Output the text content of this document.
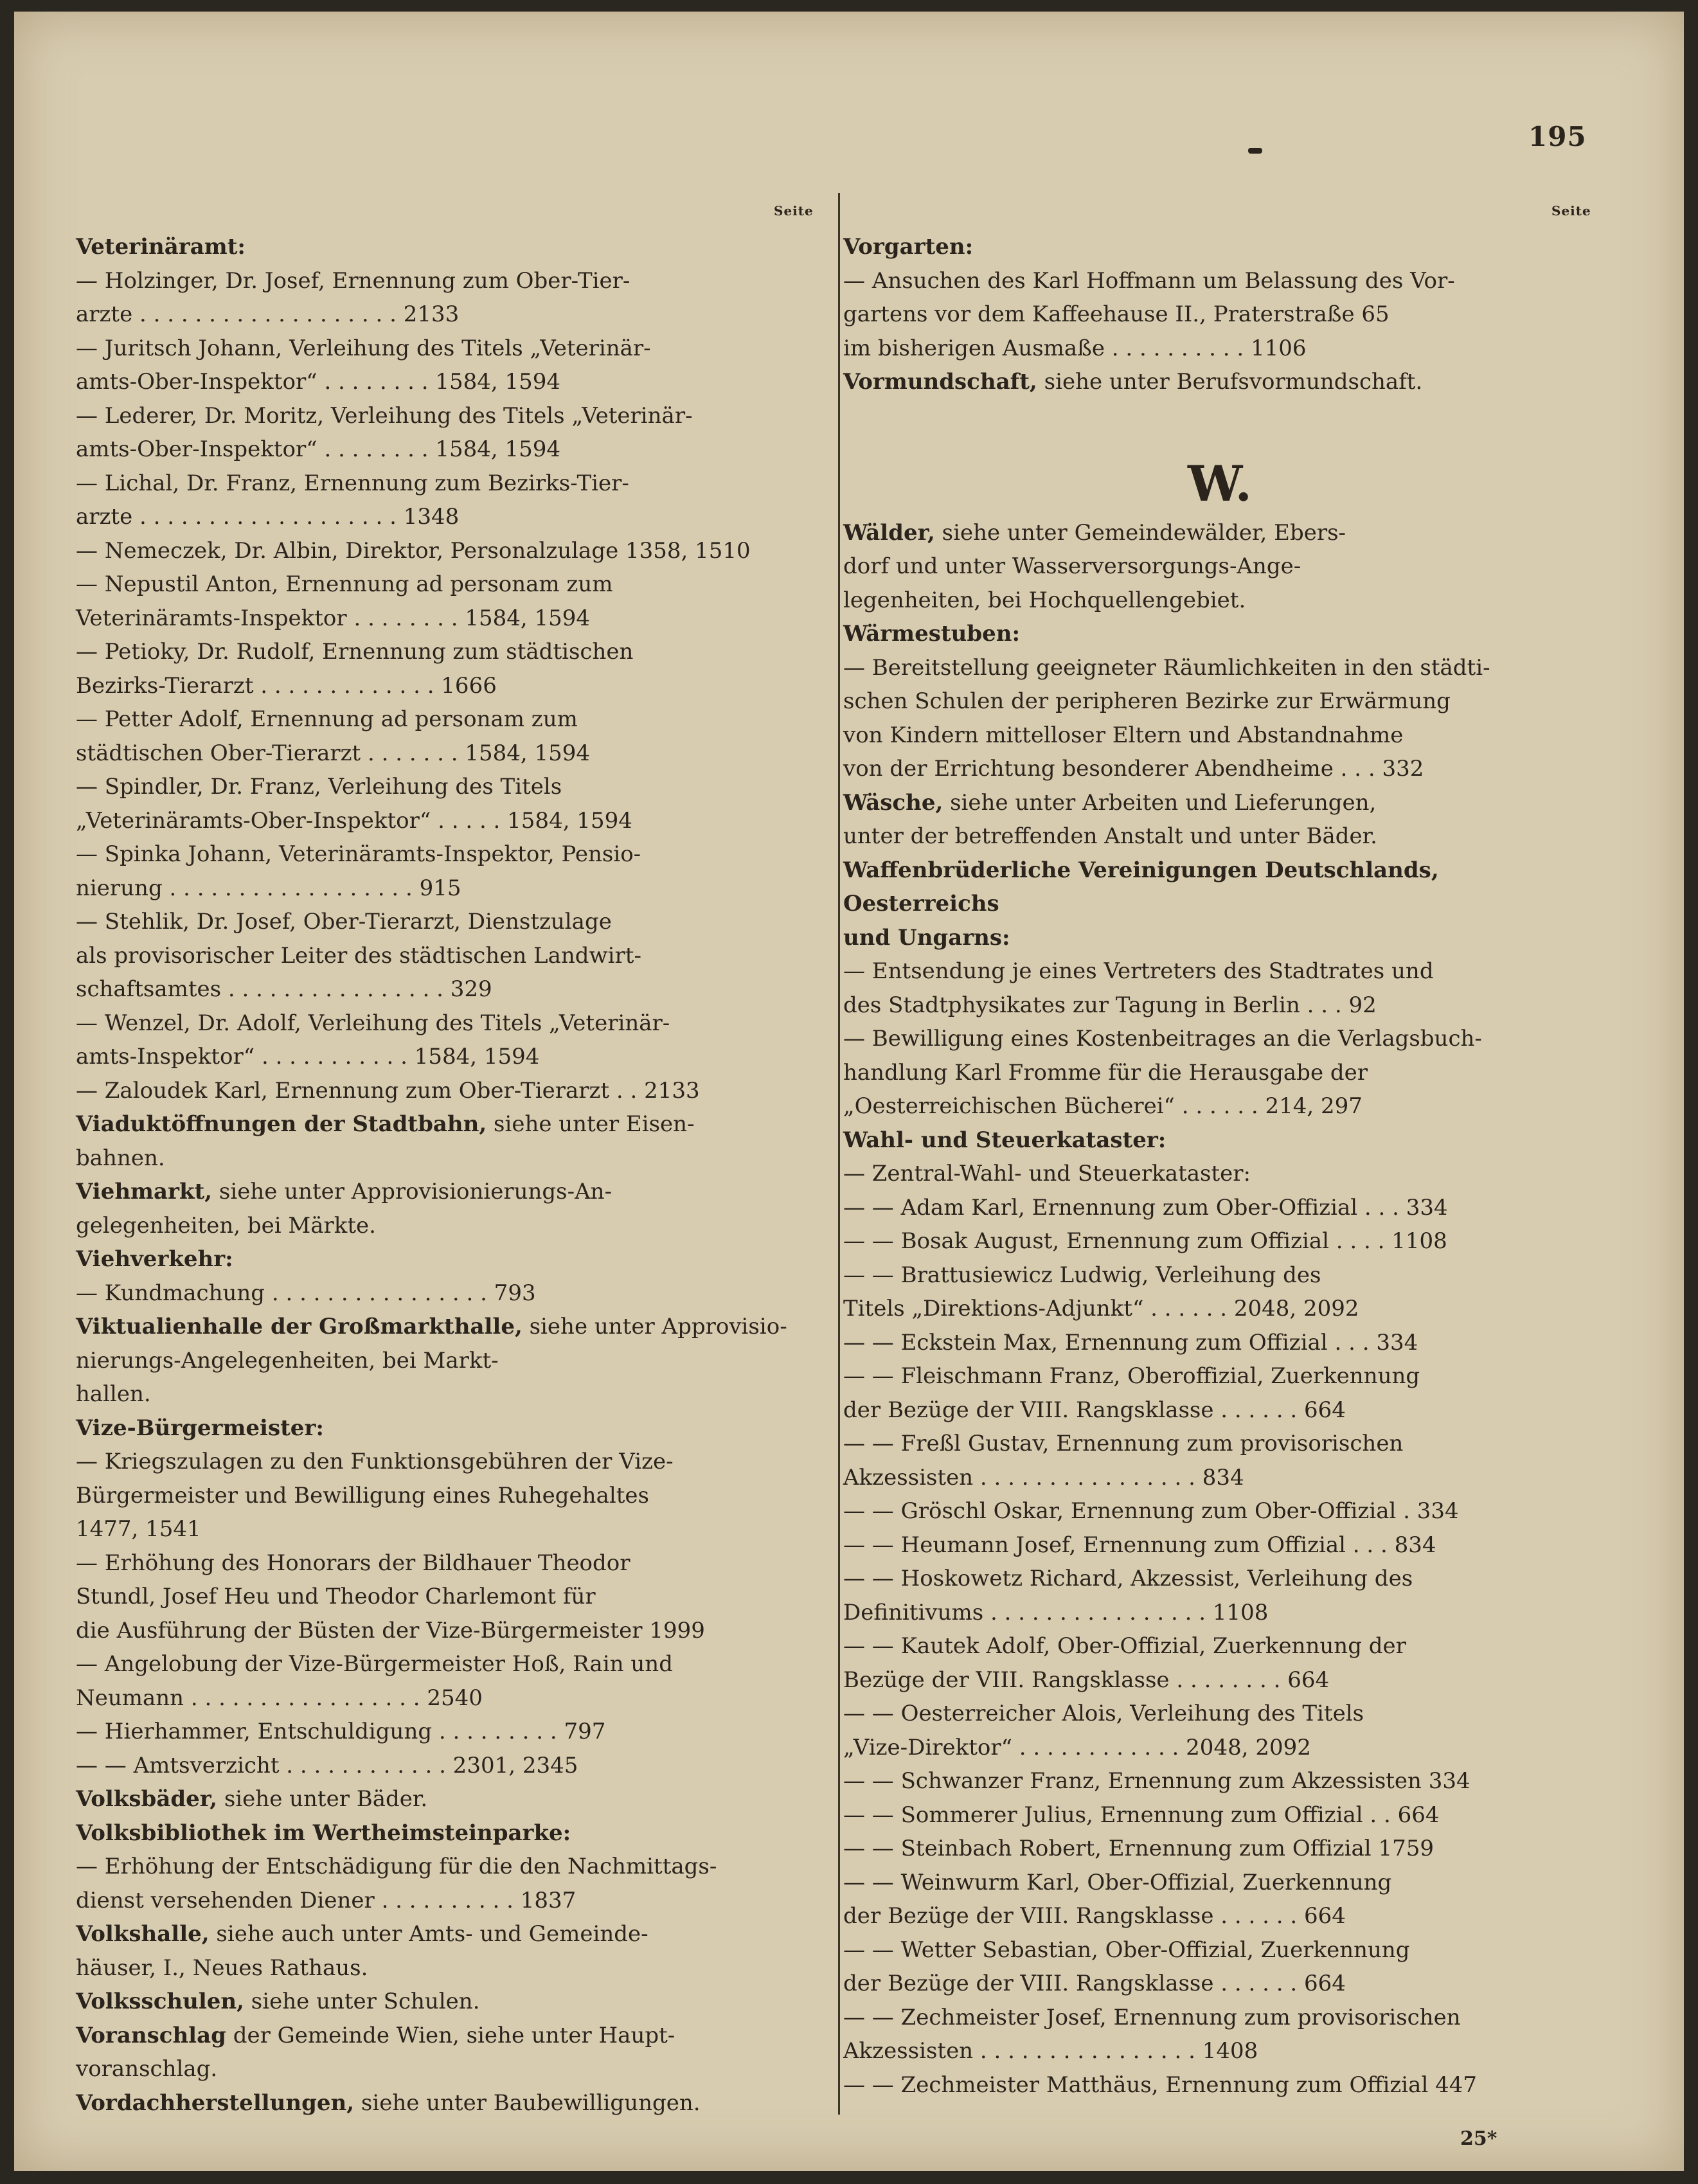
195
Seite	Seite

Veterinäramt:

— Holzinger, Dr. Josef, Ernennung zum Ober-Tier-

arzte . . . . . . . . . . . . . . . . . . . 2133

— Juritsch Johann, Verleihung des Titels „Veterinär-

amts-Ober-Inspektor“ . . . . . . . . 1584, 1594

— Lederer, Dr. Moritz, Verleihung des Titels „Veterinär-

amts-Ober-Inspektor“ . . . . . . . . 1584, 1594

— Lichal, Dr. Franz, Ernennung zum Bezirks-Tier-

arzte . . . . . . . . . . . . . . . . . . . 1348

— Nemeczek, Dr. Albin, Direktor, Personalzulage 1358, 1510

— Nepustil Anton, Ernennung ad personam zum

Veterinäramts-Inspektor . . . . . . . . 1584, 1594

— Petioky, Dr. Rudolf, Ernennung zum städtischen

Bezirks-Tierarzt . . . . . . . . . . . . . 1666

— Petter Adolf, Ernennung ad personam zum

städtischen Ober-Tierarzt . . . . . . . 1584, 1594

— Spindler, Dr. Franz, Verleihung des Titels

„Veterinäramts-Ober-Inspektor“ . . . . . 1584, 1594

— Spinka Johann, Veterinäramts-Inspektor, Pensio-

nierung . . . . . . . . . . . . . . . . . . 915

— Stehlik, Dr. Josef, Ober-Tierarzt, Dienstzulage

als provisorischer Leiter des städtischen Landwirt-

schaftsamtes . . . . . . . . . . . . . . . . 329

— Wenzel, Dr. Adolf, Verleihung des Titels „Veterinär-

amts-Inspektor“ . . . . . . . . . . . 1584, 1594

— Zaloudek Karl, Ernennung zum Ober-Tierarzt . . 2133

Viaduktöffnungen der Stadtbahn, siehe unter Eisen-

bahnen.

Viehmarkt, siehe unter Approvisionierungs-An-

gelegenheiten, bei Märkte.

Viehverkehr:

— Kundmachung . . . . . . . . . . . . . . . . 793

Viktualienhalle der Großmarkthalle, siehe unter Approvisio-

nierungs-Angelegenheiten, bei Markt-

hallen.

Vize-Bürgermeister:

— Kriegszulagen zu den Funktionsgebühren der Vize-

Bürgermeister und Bewilligung eines Ruhegehaltes

1477, 1541

— Erhöhung des Honorars der Bildhauer Theodor

Stundl, Josef Heu und Theodor Charlemont für

die Ausführung der Büsten der Vize-Bürgermeister 1999

— Angelobung der Vize-Bürgermeister Hoß, Rain und

Neumann . . . . . . . . . . . . . . . . . 2540

— Hierhammer, Entschuldigung . . . . . . . . . 797

— — Amtsverzicht . . . . . . . . . . . . 2301, 2345

Volksbäder, siehe unter Bäder.

Volksbibliothek im Wertheimsteinparke:

— Erhöhung der Entschädigung für die den Nachmittags-

dienst versehenden Diener . . . . . . . . . . 1837

Volkshalle, siehe auch unter Amts- und Gemeinde-

häuser, I., Neues Rathaus.

Volksschulen, siehe unter Schulen.

Voranschlag der Gemeinde Wien, siehe unter Haupt-

voranschlag.

Vordachherstellungen, siehe unter Baubewilligungen.

Vorgarten:

— Ansuchen des Karl Hoffmann um Belassung des Vor-

gartens vor dem Kaffeehause II., Praterstraße 65

im bisherigen Ausmaße . . . . . . . . . . 1106

Vormundschaft, siehe unter Berufsvormundschaft.

W.

Wälder, siehe unter Gemeindewälder, Ebers-

dorf und unter Wasserversorgungs-Ange-

legenheiten, bei Hochquellengebiet.

Wärmestuben:

— Bereitstellung geeigneter Räumlichkeiten in den städti-

schen Schulen der peripheren Bezirke zur Erwärmung

von Kindern mittelloser Eltern und Abstandnahme

von der Errichtung besonderer Abendheime . . . 332

Wäsche, siehe unter Arbeiten und Lieferungen,

unter der betreffenden Anstalt und unter Bäder.

Waffenbrüderliche Vereinigungen Deutschlands, Oesterreichs

und Ungarns:

— Entsendung je eines Vertreters des Stadtrates und

des Stadtphysikates zur Tagung in Berlin . . . 92

— Bewilligung eines Kostenbeitrages an die Verlagsbuch-

handlung Karl Fromme für die Herausgabe der

„Oesterreichischen Bücherei“ . . . . . . 214, 297

Wahl- und Steuerkataster:

— Zentral-Wahl- und Steuerkataster:

— — Adam Karl, Ernennung zum Ober-Offizial . . . 334

— — Bosak August, Ernennung zum Offizial . . . . 1108

— — Brattusiewicz Ludwig, Verleihung des

Titels „Direktions-Adjunkt“ . . . . . . 2048, 2092

— — Eckstein Max, Ernennung zum Offizial . . . 334

— — Fleischmann Franz, Oberoffizial, Zuerkennung

der Bezüge der VIII. Rangsklasse . . . . . . 664

— — Freßl Gustav, Ernennung zum provisorischen

Akzessisten . . . . . . . . . . . . . . . . 834

— — Gröschl Oskar, Ernennung zum Ober-Offizial . 334

— — Heumann Josef, Ernennung zum Offizial . . . 834

— — Hoskowetz Richard, Akzessist, Verleihung des

Definitivums . . . . . . . . . . . . . . . . 1108

— — Kautek Adolf, Ober-Offizial, Zuerkennung der

Bezüge der VIII. Rangsklasse . . . . . . . . 664

— — Oesterreicher Alois, Verleihung des Titels

„Vize-Direktor“ . . . . . . . . . . . . 2048, 2092

— — Schwanzer Franz, Ernennung zum Akzessisten 334

— — Sommerer Julius, Ernennung zum Offizial . . 664

— — Steinbach Robert, Ernennung zum Offizial 1759

— — Weinwurm Karl, Ober-Offizial, Zuerkennung

der Bezüge der VIII. Rangsklasse . . . . . . 664

— — Wetter Sebastian, Ober-Offizial, Zuerkennung

der Bezüge der VIII. Rangsklasse . . . . . . 664

— — Zechmeister Josef, Ernennung zum provisorischen

Akzessisten . . . . . . . . . . . . . . . . 1408

— — Zechmeister Matthäus, Ernennung zum Offizial 447

25*
